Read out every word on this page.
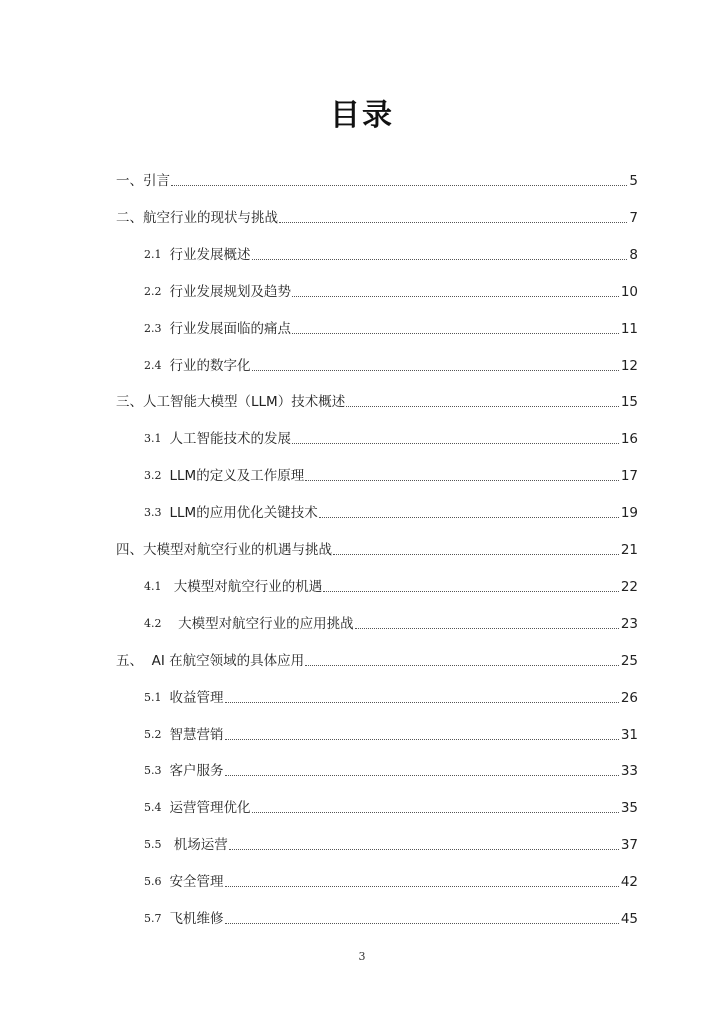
目录
一、 引言	5
二、 航空行业的现状与挑战	7
2.1 行业发展概述	8
2.2 行业发展规划及趋势	10
2.3 行业发展面临的痛点	11
2.4 行业的数字化	12
三、 人工智能大模型（LLM）技术概述	15
3.1 人工智能技术的发展	16
3.2 LLM的定义及工作原理	17
3.3 LLM的应用优化关键技术	19
四、 大模型对航空行业的机遇与挑战	21
4.1 大模型对航空行业的机遇	22
4.2 大模型对航空行业的应用挑战	23
五、 AI 在航空领域的具体应用	25
5.1 收益管理	26
5.2 智慧营销	31
5.3 客户服务	33
5.4 运营管理优化	35
5.5 机场运营	37
5.6 安全管理	42
5.7 飞机维修	45
3
